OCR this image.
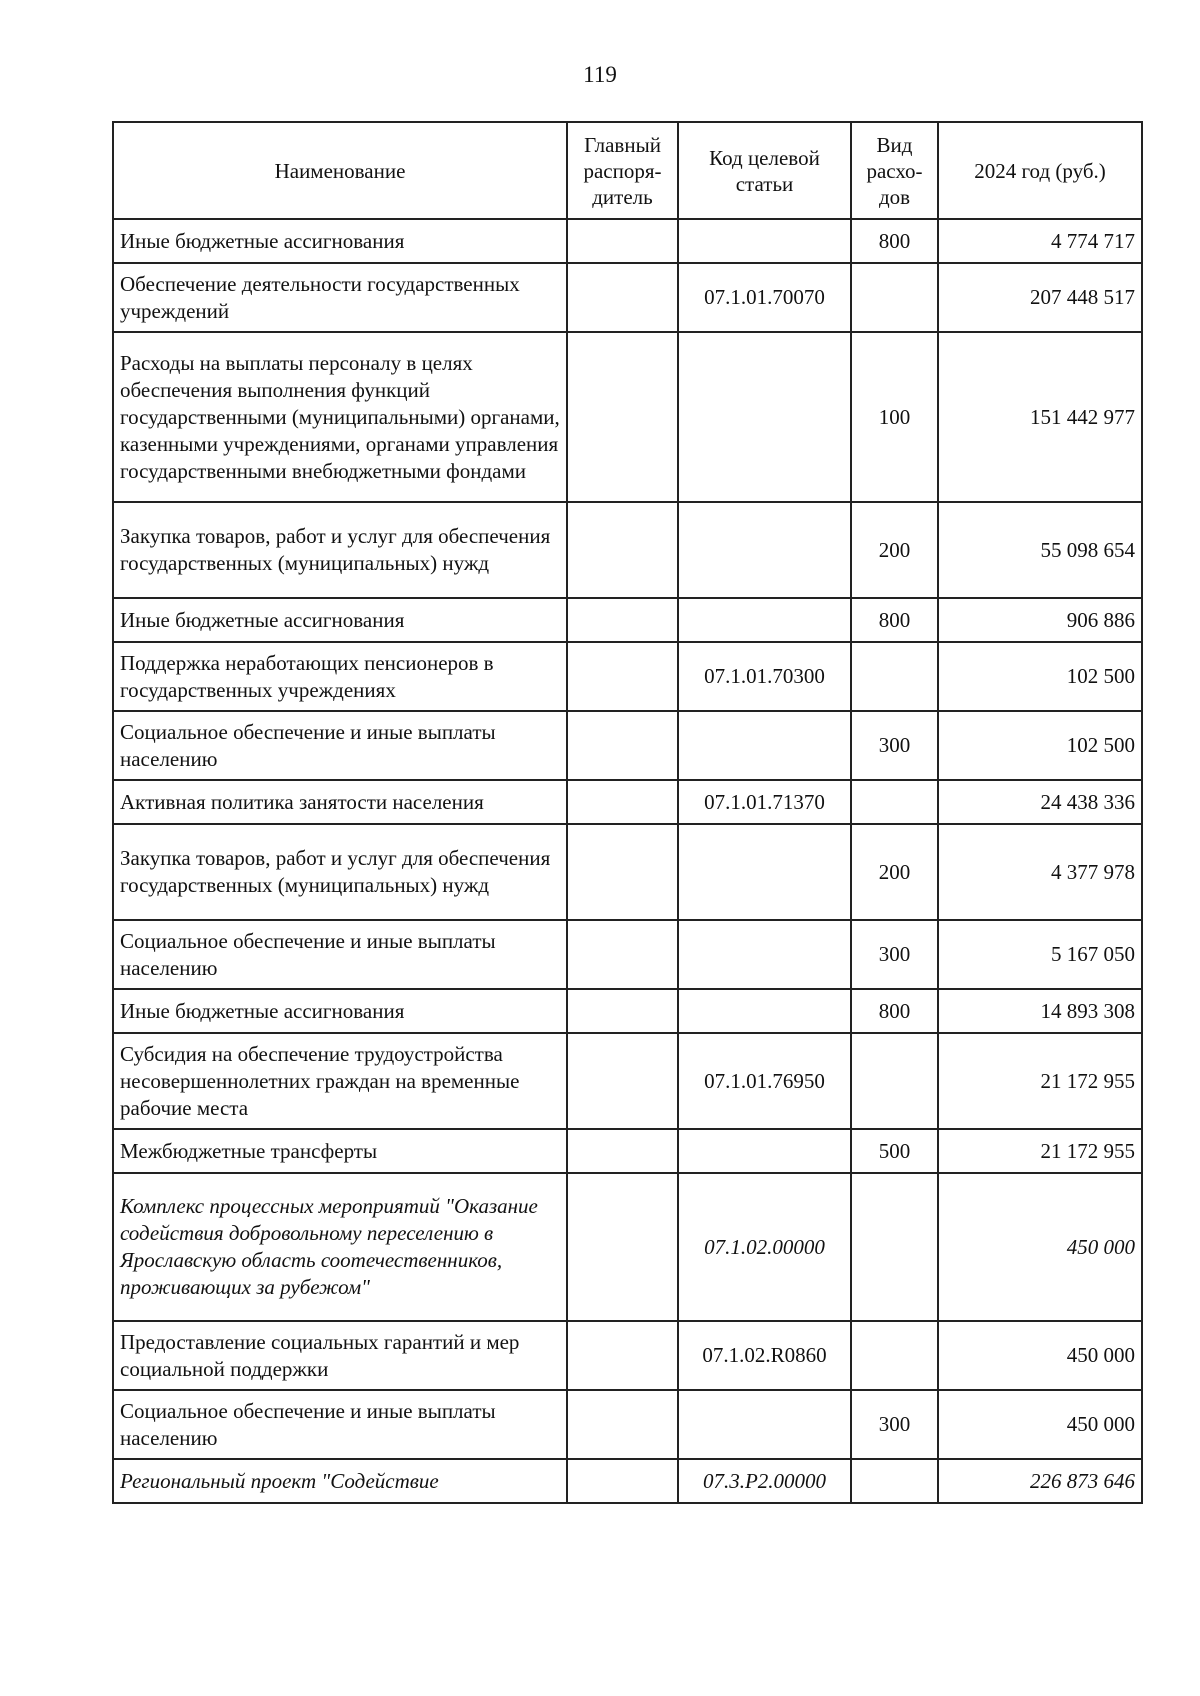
119
Наименование	Главный распоря-дитель	Код целевой статьи	Вид расхо-дов	2024 год (руб.)
Иные бюджетные ассигнования			800	4 774 717
Обеспечение деятельности государственных учреждений		07.1.01.70070		207 448 517
Расходы на выплаты персоналу в целях обеспечения выполнения функций государственными (муниципальными) органами, казенными учреждениями, органами управления государственными внебюджетными фондами			100	151 442 977
Закупка товаров, работ и услуг для обеспечения государственных (муниципальных) нужд			200	55 098 654
Иные бюджетные ассигнования			800	906 886
Поддержка неработающих пенсионеров в государственных учреждениях		07.1.01.70300		102 500
Социальное обеспечение и иные выплаты населению			300	102 500
Активная политика занятости населения		07.1.01.71370		24 438 336
Закупка товаров, работ и услуг для обеспечения государственных (муниципальных) нужд			200	4 377 978
Социальное обеспечение и иные выплаты населению			300	5 167 050
Иные бюджетные ассигнования			800	14 893 308
Субсидия на обеспечение трудоустройства несовершеннолетних граждан на временные рабочие места		07.1.01.76950		21 172 955
Межбюджетные трансферты			500	21 172 955
Комплекс процессных мероприятий "Оказание содействия добровольному переселению в Ярославскую область соотечественников, проживающих за рубежом"		07.1.02.00000		450 000
Предоставление социальных гарантий и мер социальной поддержки		07.1.02.R0860		450 000
Социальное обеспечение и иные выплаты населению			300	450 000
Региональный проект "Содействие		07.3.P2.00000		226 873 646
